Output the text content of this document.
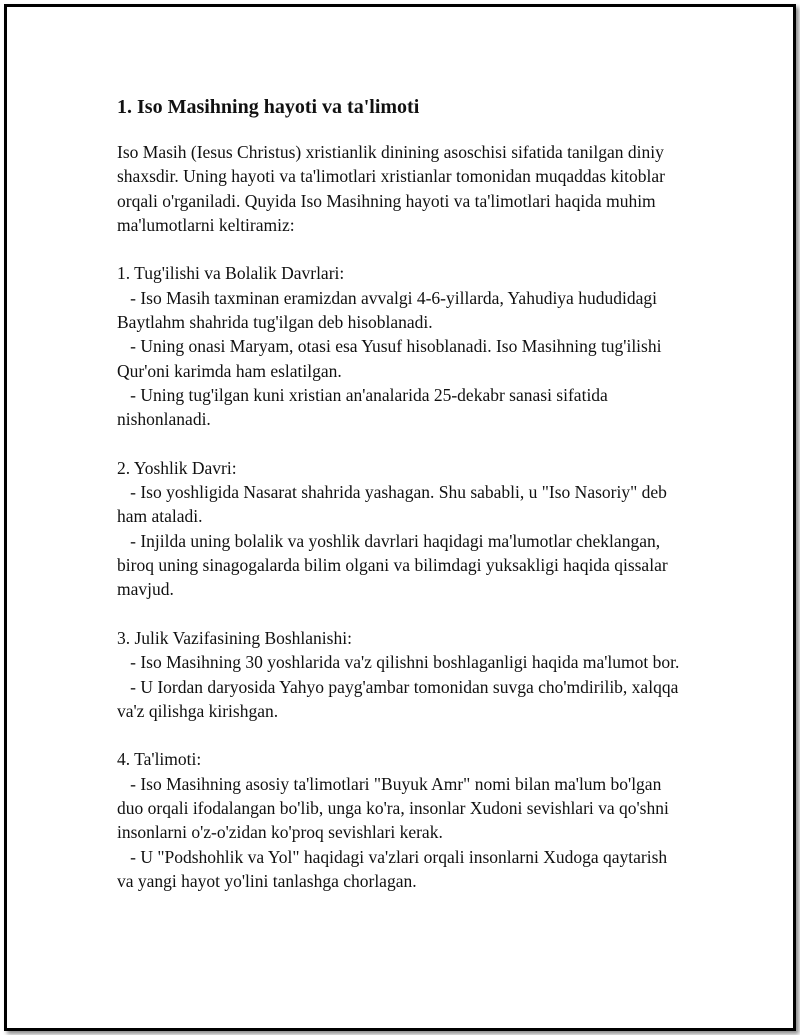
1. Iso Masihning hayoti va ta'limoti

Iso Masih (Iesus Christus) xristianlik dinining asoschisi sifatida tanilgan diniy shaxsdir. Uning hayoti va ta'limotlari xristianlar tomonidan muqaddas kitoblar orqali o'rganiladi. Quyida Iso Masihning hayoti va ta'limotlari haqida muhim ma'lumotlarni keltiramiz:

1. Tug'ilishi va Bolalik Davrlari:

- Iso Masih taxminan eramizdan avvalgi 4-6-yillarda, Yahudiya hududidagi Baytlahm shahrida tug'ilgan deb hisoblanadi.

- Uning onasi Maryam, otasi esa Yusuf hisoblanadi. Iso Masihning tug'ilishi Qur'oni karimda ham eslatilgan.

- Uning tug'ilgan kuni xristian an'analarida 25-dekabr sanasi sifatida nishonlanadi.

2. Yoshlik Davri:

- Iso yoshligida Nasarat shahrida yashagan. Shu sababli, u "Iso Nasoriy" deb ham ataladi.

- Injilda uning bolalik va yoshlik davrlari haqidagi ma'lumotlar cheklangan, biroq uning sinagogalarda bilim olgani va bilimdagi yuksakligi haqida qissalar mavjud.

3. Julik Vazifasining Boshlanishi:

- Iso Masihning 30 yoshlarida va'z qilishni boshlaganligi haqida ma'lumot bor.

- U Iordan daryosida Yahyo payg'ambar tomonidan suvga cho'mdirilib, xalqqa va'z qilishga kirishgan.

4. Ta'limoti:

- Iso Masihning asosiy ta'limotlari "Buyuk Amr" nomi bilan ma'lum bo'lgan duo orqali ifodalangan bo'lib, unga ko'ra, insonlar Xudoni sevishlari va qo'shni insonlarni o'z-o'zidan ko'proq sevishlari kerak.

- U "Podshohlik va Yol" haqidagi va'zlari orqali insonlarni Xudoga qaytarish va yangi hayot yo'lini tanlashga chorlagan.
